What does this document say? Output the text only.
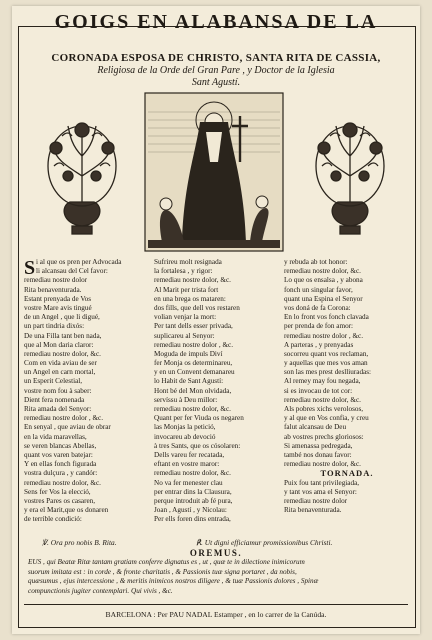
GOIGS EN ALABANSA DE LA
CORONADA ESPOSA DE CHRISTO, SANTA RITA DE CASSIA,
Religiosa de la Orde del Gran Pare , y Doctor de la Iglesia
Sant Agustí.
S i al que os pren per Advocada
li alcansau del Cel favor:
remediau nostre dolor
Rita benaventurada.
Estant prenyada de Vos
vostre Mare avis tingué
de un Angel , que li digué,
un part tindria dixós:
De una Filla tant ben nada,
que al Mon daria claror:
remediau nostre dolor, &c.
Com en vida aviau de ser
un Angel en carn mortal,
un Esperit Celestial,
vostre nom fou à saber:
Dient fera nomenada
Rita amada del Senyor:
remediau nostre dolor , &c.
En senyal , que aviau de obrar
en la vida maravellas,
se veren blancas Abellas,
quant vos varen batejar:
Y en ellas fonch figurada
vostra dulçura , y candór:
remediau nostre dolor, &c.
Sens fer Vos la elecció,
vostres Pares os casaren,
y era el Marit,que os donaren
de terrible condició:
Sufrireu molt resignada
la fortalesa , y rigor:
remediau nostre dolor, &c.
Al Marit per trista fort
en una brega os mataren:
dos fills, que dell vos restaren
volian venjar la mort:
Per tant dells esser privada,
suplicareu al Senyor:
remediau nostre dolor , &c.
Moguda de impuls Diví
fer Monja os determinareu,
y en un Convent demanareu
lo Habit de Sant Agustí:
Hont bé del Mon olvidada,
servíssu à Deu millor:
remediau nostre dolor, &c.
Quant per fer Viuda os negaren
las Monjas la petició,
invocareu ab devoció
à tres Sants, que os cósolaren:
Dells vareu fer recatada,
eftant en vostre maror:
remediau nostre dolor, &c.
No va fer menester clau
per entrar dins la Clausura,
perque introduit ab fé pura,
Joan , Agustí , y Nicolau:
Per ells foren dins entrada,
y rebuda ab tot honor:
remediau nostre dolor, &c.
Lo que os ensalsa , y abona
fonch un singular favor,
quant una Espina el Senyor
vos doná de fa Corona:
En lo front vos fonch clavada
per prenda de fon amor:
remediau nostre dolor , &c.
A parteras , y prenyadas
socorreu quant vos reclaman,
y aquellas que mes vos aman
son las mes prest deslliuradas:
Al remey may fou negada,
si es invocau de tot cor:
remediau nostre dolor, &c.
Als pobres xichs verolosos,
y al que en Vos confia, y creu
falut alcansau de Deu
ab vostres prechs gloriosos:
Si amenassa pedregada,
també nos donau favor:
remediau nostre dolor, &c.
TORNADA.
Puix fou tant privilegiada,
y tant vos ama el Senyor:
remediau nostre dolor
Rita benaventurada.
℣. Ora pro nobis B. Rita.	℟. Ut digni efficiamur promissionibus Christi.
OREMUS.
EUS , qui Beatæ Ritæ tantam gratiam conferre dignatus es , ut , quæ te in dilectione inimicorum
suorum imitata est : in corde , & fronte charitatis , & Passionis tuæ signa portaret , da nobis,
quæsumus , ejus intercessione , & meritis inimicos nostros diligere , & tuæ Passionis dolores , Spinæ
compunctionis jugiter contemplari. Qui vivis , &c.
BARCELONA : Per PAU NADAL Estamper , en lo carrer de la Canúda.
